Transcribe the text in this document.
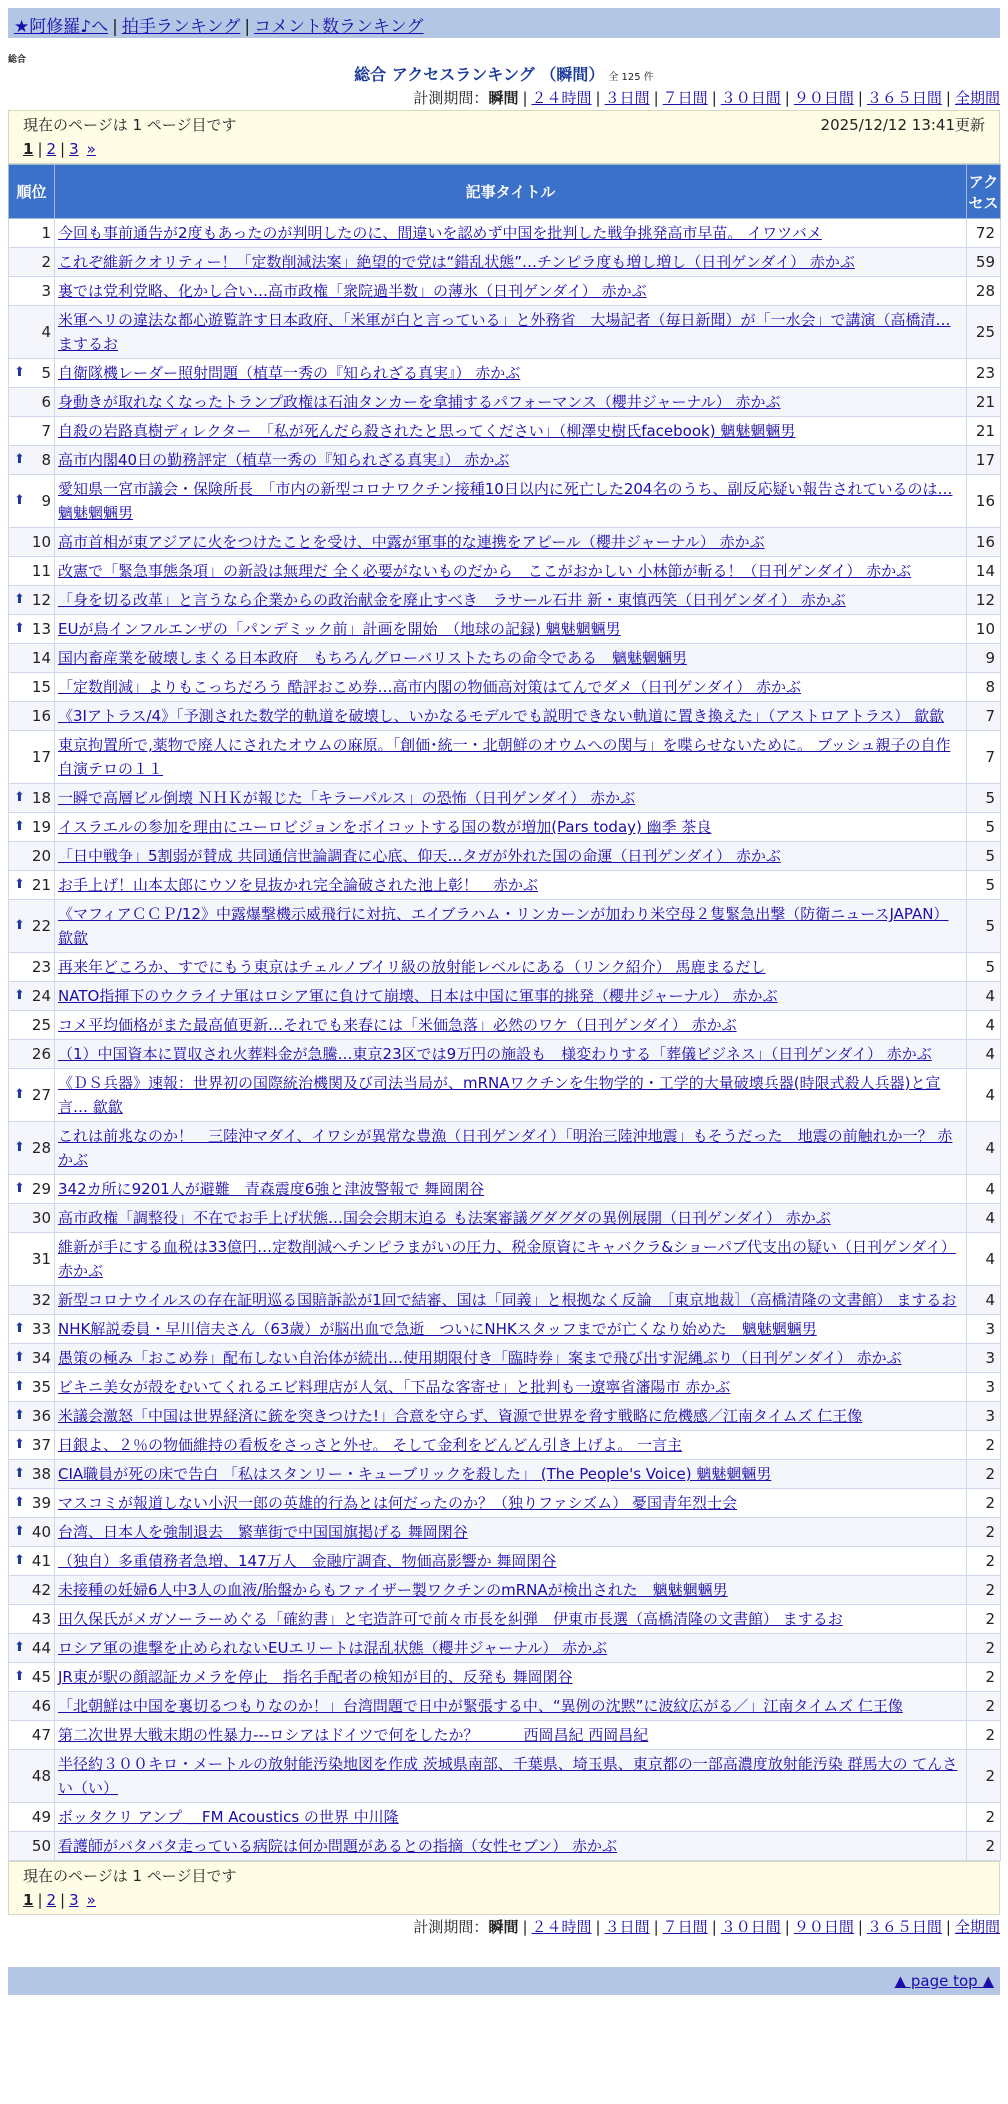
★阿修羅♪へ | 拍手ランキング | コメント数ランキング
総合
総合 アクセスランキング （瞬間） 全 125 件
計測期間：瞬間 | ２４時間 | ３日間 | ７日間 | ３０日間 | ９０日間 | ３６５日間 | 全期間
現在のページは 1 ページ目です	2025/12/12 13:41更新
1 | 2 | 3 »
順位	記事タイトル	アクセス
1	今回も事前通告が2度もあったのが判明したのに、間違いを認めず中国を批判した戦争挑発高市早苗。 イワツバメ	72
2	これぞ維新クオリティー！「定数削減法案」絶望的で党は“錯乱状態”…チンピラ度も増し増し（日刊ゲンダイ） 赤かぶ	59
3	裏では党利党略、化かし合い…高市政権「衆院過半数」の薄氷（日刊ゲンダイ） 赤かぶ	28
4	米軍ヘリの違法な都心遊覧許す日本政府、「米軍が白と言っている」と外務省　大場記者（毎日新聞）が「一水会」で講演（高橋清… まするお	25

⬆ 5	自衛隊機レーダー照射問題（植草一秀の『知られざる真実』） 赤かぶ	23
6	身動きが取れなくなったトランプ政権は石油タンカーを拿捕するパフォーマンス（櫻井ジャーナル） 赤かぶ	21
7	自殺の岩路真樹ディレクター　「私が死んだら殺されたと思ってください」（柳澤史樹氏facebook) 魑魅魍魎男	21

⬆ 8	高市内閣40日の勤務評定（植草一秀の『知られざる真実』） 赤かぶ	17

⬆ 9	愛知県一宮市議会・保険所長　「市内の新型コロナワクチン接種10日以内に死亡した204名のうち、副反応疑い報告されているのは… 魑魅魍魎男	16
10	高市首相が東アジアに火をつけたことを受け、中露が軍事的な連携をアピール（櫻井ジャーナル） 赤かぶ	16
11	改憲で「緊急事態条項」の新設は無理だ 全く必要がないものだから　ここがおかしい 小林節が斬る！（日刊ゲンダイ） 赤かぶ	14

⬆ 12	「身を切る改革」と言うなら企業からの政治献金を廃止すべき　ラサール石井 新・東慎西笑（日刊ゲンダイ） 赤かぶ	12

⬆ 13	EUが鳥インフルエンザの「パンデミック前」計画を開始　（地球の記録) 魑魅魍魎男	10
14	国内畜産業を破壊しまくる日本政府　もちろんグローバリストたちの命令である　魑魅魍魎男	9
15	「定数削減」よりもこっちだろう 酷評おこめ券…高市内閣の物価高対策はてんでダメ（日刊ゲンダイ） 赤かぶ	8
16	《3Iアトラス/4》「予測された数学的軌道を破壊し、いかなるモデルでも説明できない軌道に置き換えた」（アストロアトラス） 歙歙	7
17	東京拘置所で,薬物で廃人にされたオウムの麻原。「創価･統一・北朝鮮のオウムへの関与」を喋らせないために。 ブッシュ親子の自作自演テロの１１	7

⬆ 18	一瞬で高層ビル倒壊 ＮＨＫが報じた「キラーパルス」の恐怖（日刊ゲンダイ） 赤かぶ	5

⬆ 19	イスラエルの参加を理由にユーロビジョンをボイコットする国の数が増加(Pars today) 幽季 茶良	5
20	「日中戦争」5割弱が賛成 共同通信世論調査に心底、仰天…タガが外れた国の命運（日刊ゲンダイ） 赤かぶ	5

⬆ 21	お手上げ！山本太郎にウソを見抜かれ完全論破された池上彰！　赤かぶ	5

⬆ 22	《マフィアＣＣＰ/12》中露爆撃機示威飛行に対抗、エイブラハム・リンカーンが加わり米空母２隻緊急出撃（防衛ニュースJAPAN） 歙歙	5
23	再来年どころか、すでにもう東京はチェルノブイリ級の放射能レベルにある（リンク紹介） 馬鹿まるだし	5

⬆ 24	NATO指揮下のウクライナ軍はロシア軍に負けて崩壊、日本は中国に軍事的挑発（櫻井ジャーナル） 赤かぶ	4
25	コメ平均価格がまた最高値更新…それでも来春には「米価急落」必然のワケ（日刊ゲンダイ） 赤かぶ	4
26	（1）中国資本に買収され火葬料金が急騰…東京23区では9万円の施設も　様変わりする「葬儀ビジネス」（日刊ゲンダイ） 赤かぶ	4

⬆ 27	《ＤＳ兵器》速報：世界初の国際統治機関及び司法当局が、mRNAワクチンを生物学的・工学的大量破壊兵器(時限式殺人兵器)と宣言… 歙歙	4

⬆ 28	これは前兆なのか！　三陸沖マダイ、イワシが異常な豊漁（日刊ゲンダイ）「明治三陸沖地震」もそうだった　地震の前触れか一？ 赤かぶ	4

⬆ 29	342カ所に9201人が避難　青森震度6強と津波警報で 舞岡閑谷	4
30	高市政権「調整役」不在でお手上げ状態…国会会期末迫る も法案審議グダグダの異例展開（日刊ゲンダイ） 赤かぶ	4
31	維新が手にする血税は33億円…定数削減へチンピラまがいの圧力、税金原資にキャバクラ&ショーパブ代支出の疑い（日刊ゲンダイ） 赤かぶ	4
32	新型コロナウイルスの存在証明巡る国賠訴訟が1回で結審、国は「同義」と根拠なく反論　［東京地裁］（高橋清隆の文書館） まするお	4

⬆ 33	NHK解説委員・早川信夫さん（63歳）が脳出血で急逝　ついにNHKスタッフまでが亡くなり始めた　魑魅魍魎男	3

⬆ 34	愚策の極み「おこめ券」配布しない自治体が続出…使用期限付き「臨時券」案まで飛び出す泥縄ぶり（日刊ゲンダイ） 赤かぶ	3

⬆ 35	ビキニ美女が殻をむいてくれるエビ料理店が人気、「下品な客寄せ」と批判も一遼寧省瀋陽市 赤かぶ	3

⬆ 36	米議会激怒「中国は世界経済に銃を突きつけた!」合意を守らず、資源で世界を脅す戦略に危機感／江南タイムズ 仁王像	3

⬆ 37	日銀よ、２％の物価維持の看板をさっさと外せ。 そして金利をどんどん引き上げよ。 一言主	2

⬆ 38	CIA職員が死の床で告白 「私はスタンリー・キューブリックを殺した」 (The People's Voice) 魑魅魍魎男	2

⬆ 39	マスコミが報道しない小沢一郎の英雄的行為とは何だったのか？（独りファシズム） 憂国青年烈士会	2

⬆ 40	台湾、日本人を強制退去　繁華街で中国国旗掲げる 舞岡閑谷	2

⬆ 41	（独自）多重債務者急増、147万人　金融庁調査、物価高影響か 舞岡閑谷	2
42	未接種の妊婦6人中3人の血液/胎盤からもファイザー製ワクチンのmRNAが検出された　魑魅魍魎男	2
43	田久保氏がメガソーラーめぐる「確約書」と宅造許可で前々市長を糾弾　伊東市長選（高橋清隆の文書館） まするお	2

⬆ 44	ロシア軍の進撃を止められないEUエリートは混乱状態（櫻井ジャーナル） 赤かぶ	2

⬆ 45	JR東が駅の顔認証カメラを停止　指名手配者の検知が目的、反発も 舞岡閑谷	2
46	「北朝鮮は中国を裏切るつもりなのか！」台湾問題で日中が緊張する中、“異例の沈黙”に波紋広がる／」江南タイムズ 仁王像	2
47	第二次世界大戦末期の性暴力---ロシアはドイツで何をしたか？　　　西岡昌紀 西岡昌紀	2
48	半径約３００キロ・メートルの放射能汚染地図を作成 茨城県南部、千葉県、埼玉県、東京都の一部高濃度放射能汚染 群馬大の てんさい（い）	2
49	ボッタクリ アンプ ＿FM Acoustics の世界 中川隆	2
50	看護師がバタバタ走っている病院は何か問題があるとの指摘（女性セブン） 赤かぶ	2
現在のページは 1 ページ目です
1 | 2 | 3 »
計測期間：瞬間 | ２４時間 | ３日間 | ７日間 | ３０日間 | ９０日間 | ３６５日間 | 全期間
▲ page top ▲
